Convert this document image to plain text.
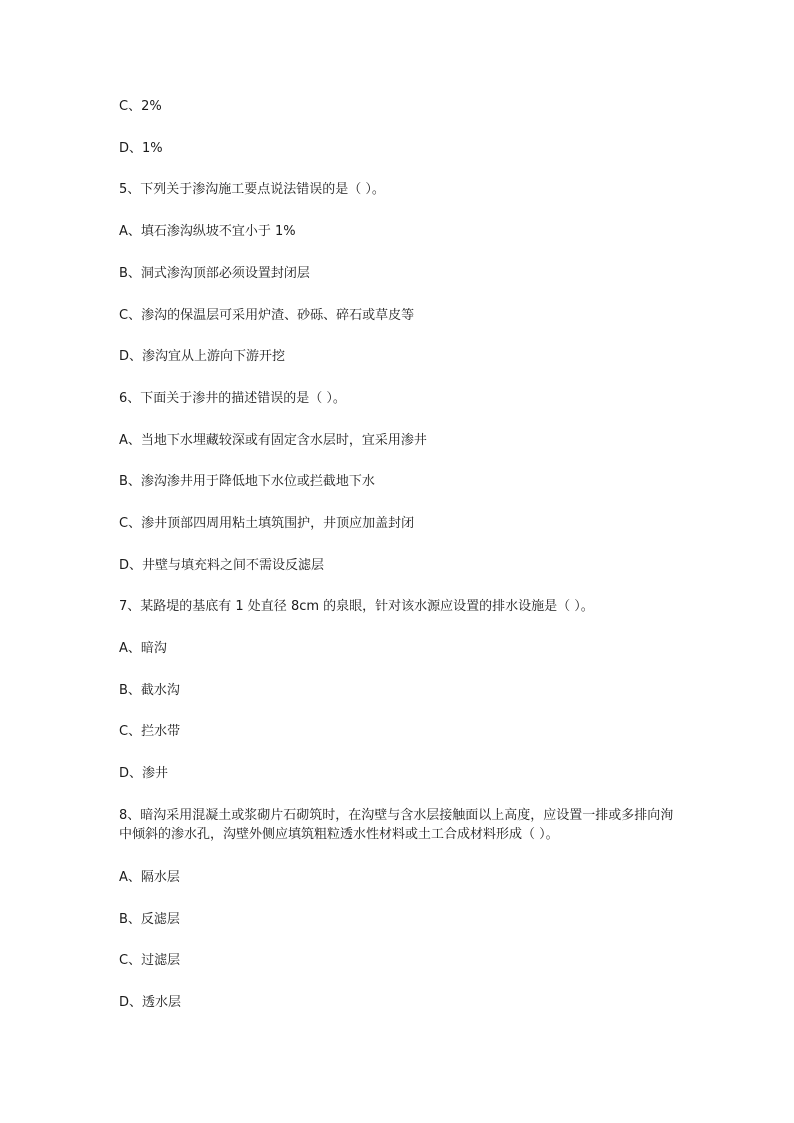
C、2%
D、1%
5、下列关于渗沟施工要点说法错误的是（ ）。
A、填石渗沟纵坡不宜小于 1%
B、洞式渗沟顶部必须设置封闭层
C、渗沟的保温层可采用炉渣、砂砾、碎石或草皮等
D、渗沟宜从上游向下游开挖
6、下面关于渗井的描述错误的是（ ）。
A、当地下水埋藏较深或有固定含水层时，宜采用渗井
B、渗沟渗井用于降低地下水位或拦截地下水
C、渗井顶部四周用粘土填筑围护，井顶应加盖封闭
D、井壁与填充料之间不需设反滤层
7、某路堤的基底有 1 处直径 8cm 的泉眼，针对该水源应设置的排水设施是（ ）。
A、暗沟
B、截水沟
C、拦水带
D、渗井
8、暗沟采用混凝土或浆砌片石砌筑时，在沟壁与含水层接触面以上高度，应设置一排或多排向洵中倾斜的渗水孔，沟壁外侧应填筑粗粒透水性材料或土工合成材料形成（ ）。
A、隔水层
B、反滤层
C、过滤层
D、透水层
